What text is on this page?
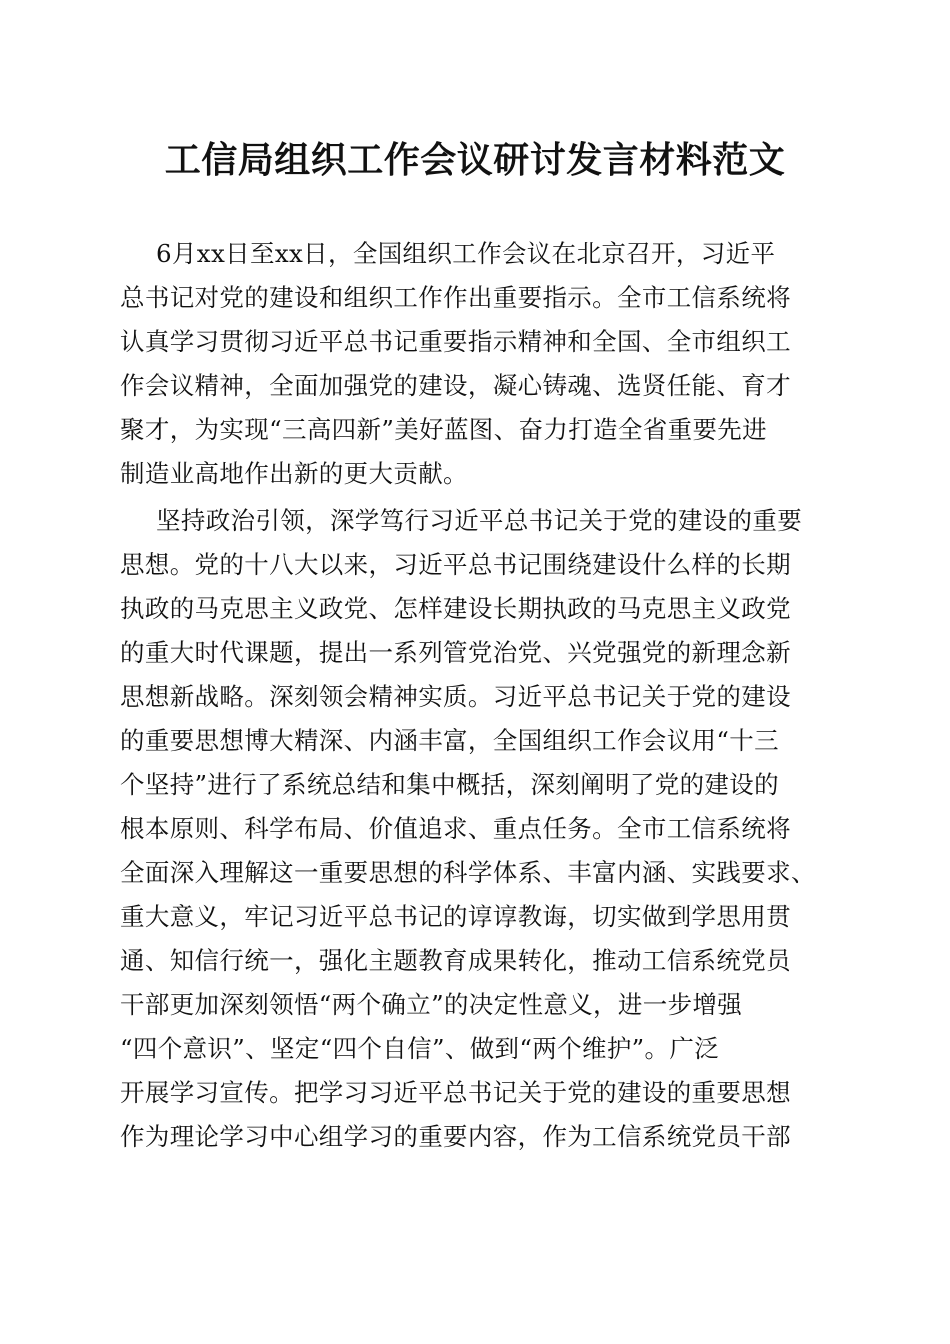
工信局组织工作会议研讨发言材料范文
6月xx日至xx日，全国组织工作会议在北京召开，习近平
总书记对党的建设和组织工作作出重要指示。全市工信系统将
认真学习贯彻习近平总书记重要指示精神和全国、全市组织工
作会议精神，全面加强党的建设，凝心铸魂、选贤任能、育才
聚才，为实现“三高四新”美好蓝图、奋力打造全省重要先进
制造业高地作出新的更大贡献。
坚持政治引领，深学笃行习近平总书记关于党的建设的重要
思想。党的十八大以来，习近平总书记围绕建设什么样的长期
执政的马克思主义政党、怎样建设长期执政的马克思主义政党
的重大时代课题，提出一系列管党治党、兴党强党的新理念新
思想新战略。深刻领会精神实质。习近平总书记关于党的建设
的重要思想博大精深、内涵丰富，全国组织工作会议用“十三
个坚持”进行了系统总结和集中概括，深刻阐明了党的建设的
根本原则、科学布局、价值追求、重点任务。全市工信系统将
全面深入理解这一重要思想的科学体系、丰富内涵、实践要求、
重大意义，牢记习近平总书记的谆谆教诲，切实做到学思用贯
通、知信行统一，强化主题教育成果转化，推动工信系统党员
干部更加深刻领悟“两个确立”的决定性意义，进一步增强
“四个意识”、坚定“四个自信”、做到“两个维护”。广泛
开展学习宣传。把学习习近平总书记关于党的建设的重要思想
作为理论学习中心组学习的重要内容，作为工信系统党员干部
